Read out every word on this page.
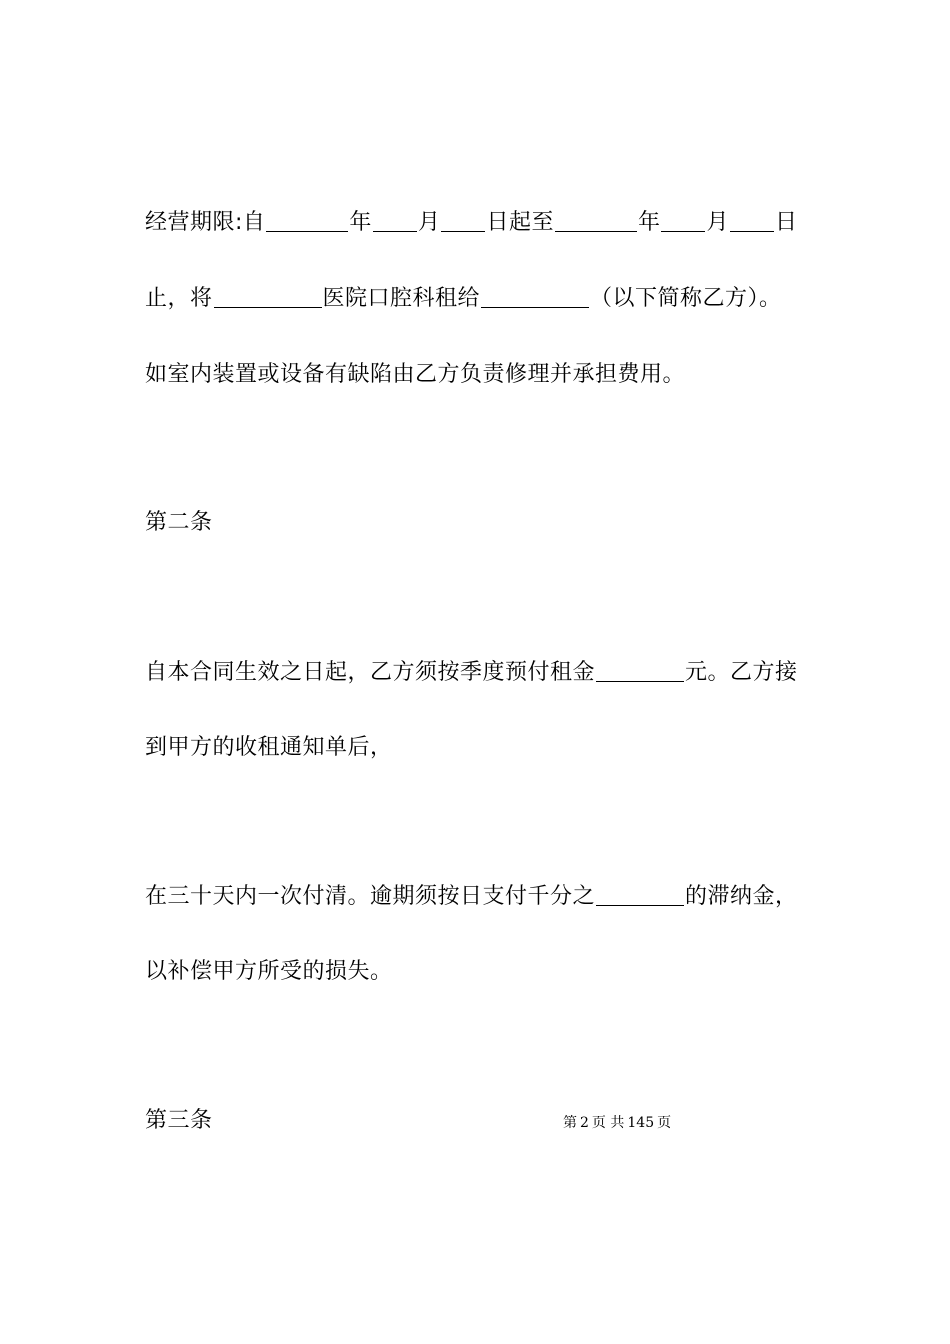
经营期限:自	年 月 日起至	年 月 日
止，将	医院口腔科租给	（以下简称乙方）。
如室内装置或设备有缺陷由乙方负责修理并承担费用。
第二条
自本合同生效之日起，乙方须按季度预付租金	元。乙方接
到甲方的收租通知单后，
在三十天内一次付清。逾期须按日支付千分之	的滞纳金，
以补偿甲方所受的损失。
第三条	第 2 页 共 145 页
